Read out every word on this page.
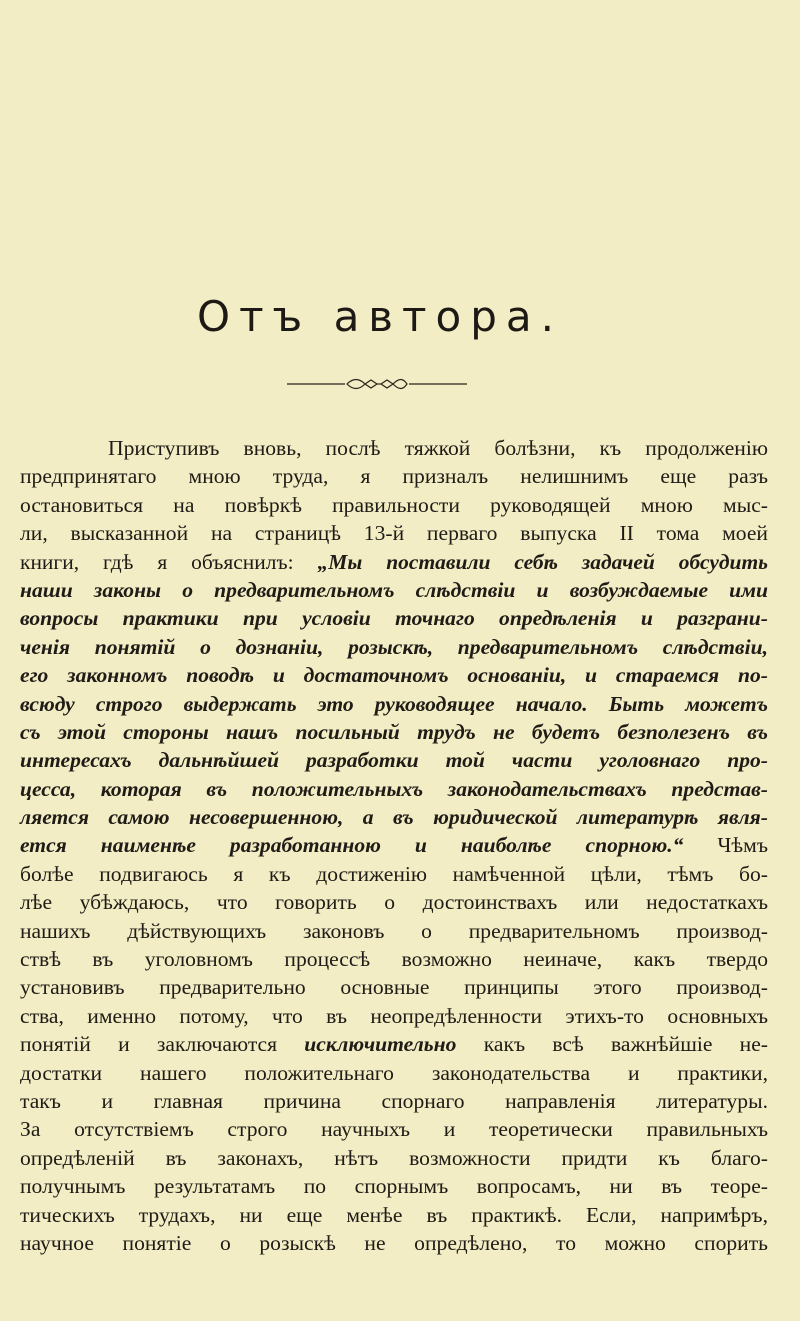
Отъ автора.
Приступивъ вновь, послѣ тяжкой болѣзни, къ продолженію
предпринятаго мною труда, я призналъ нелишнимъ еще разъ
остановиться на повѣркѣ правильности руководящей мною мыс-
ли, высказанной на страницѣ 13-й перваго выпуска II тома моей
книги, гдѣ я объяснилъ: „Мы поставили себѣ задачей обсудить
наши законы о предварительномъ слѣдствіи и возбуждаемые ими
вопросы практики при условіи точнаго опредѣленія и разграни-
ченія понятій о дознаніи, розыскѣ, предварительномъ слѣдствіи,
его законномъ поводѣ и достаточномъ основаніи, и стараемся по-
всюду строго выдержать это руководящее начало. Быть можетъ
съ этой стороны нашъ посильный трудъ не будетъ безполезенъ въ
интересахъ дальнѣйшей разработки той части уголовнаго про-
цесса, которая въ положительныхъ законодательствахъ представ-
ляется самою несовершенною, а въ юридической литературѣ явля-
ется наименѣе разработанною и наиболѣе спорною.“ Чѣмъ
болѣе подвигаюсь я къ достиженію намѣченной цѣли, тѣмъ бо-
лѣе убѣждаюсь, что говорить о достоинствахъ или недостаткахъ
нашихъ дѣйствующихъ законовъ о предварительномъ производ-
ствѣ въ уголовномъ процессѣ возможно неиначе, какъ твердо
установивъ предварительно основные принципы этого производ-
ства, именно потому, что въ неопредѣленности этихъ-то основныхъ
понятій и заключаются исключительно какъ всѣ важнѣйшіе не-
достатки нашего положительнаго законодательства и практики,
такъ и главная причина спорнаго направленія литературы.
За отсутствіемъ строго научныхъ и теоретически правильныхъ
опредѣленій въ законахъ, нѣтъ возможности придти къ благо-
получнымъ результатамъ по спорнымъ вопросамъ, ни въ теоре-
тическихъ трудахъ, ни еще менѣе въ практикѣ. Если, напримѣръ,
научное понятіе о розыскѣ не опредѣлено, то можно спорить
